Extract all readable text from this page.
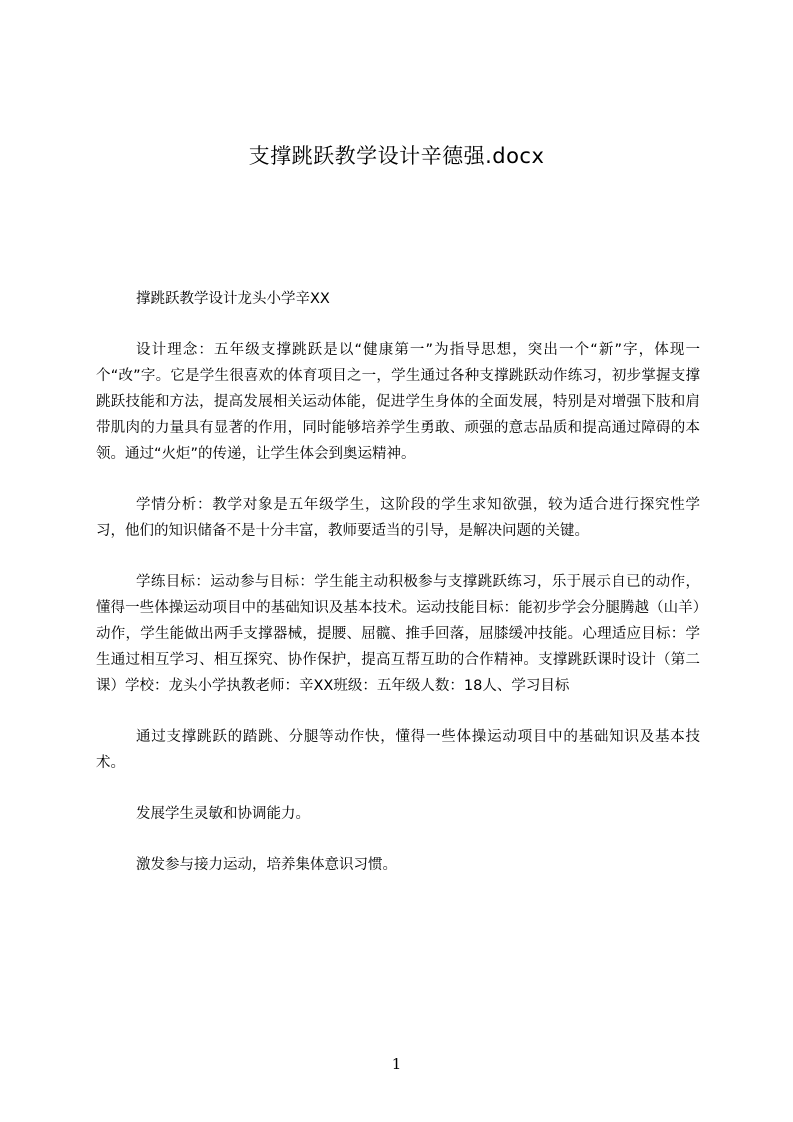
支撑跳跃教学设计辛德强.docx

撑跳跃教学设计龙头小学辛XX

设计理念：五年级支撑跳跃是以“健康第一”为指导思想，突出一个“新”字，体现一个“改”字。它是学生很喜欢的体育项目之一，学生通过各种支撑跳跃动作练习，初步掌握支撑跳跃技能和方法，提高发展相关运动体能，促进学生身体的全面发展，特别是对增强下肢和肩带肌肉的力量具有显著的作用，同时能够培养学生勇敢、顽强的意志品质和提高通过障碍的本领。通过“火炬”的传递，让学生体会到奥运精神。

学情分析：教学对象是五年级学生，这阶段的学生求知欲强，较为适合进行探究性学习，他们的知识储备不是十分丰富，教师要适当的引导，是解决问题的关键。

学练目标：运动参与目标：学生能主动积极参与支撑跳跃练习，乐于展示自已的动作，懂得一些体操运动项目中的基础知识及基本技术。运动技能目标：能初步学会分腿腾越（山羊）动作，学生能做出两手支撑器械，提腰、屈髋、推手回落，屈膝缓冲技能。心理适应目标：学生通过相互学习、相互探究、协作保护，提高互帮互助的合作精神。支撑跳跃课时设计（第二课）学校：龙头小学执教老师：辛XX班级：五年级人数：18人、学习目标

通过支撑跳跃的踏跳、分腿等动作快，懂得一些体操运动项目中的基础知识及基本技术。

发展学生灵敏和协调能力。

激发参与接力运动，培养集体意识习惯。

1
